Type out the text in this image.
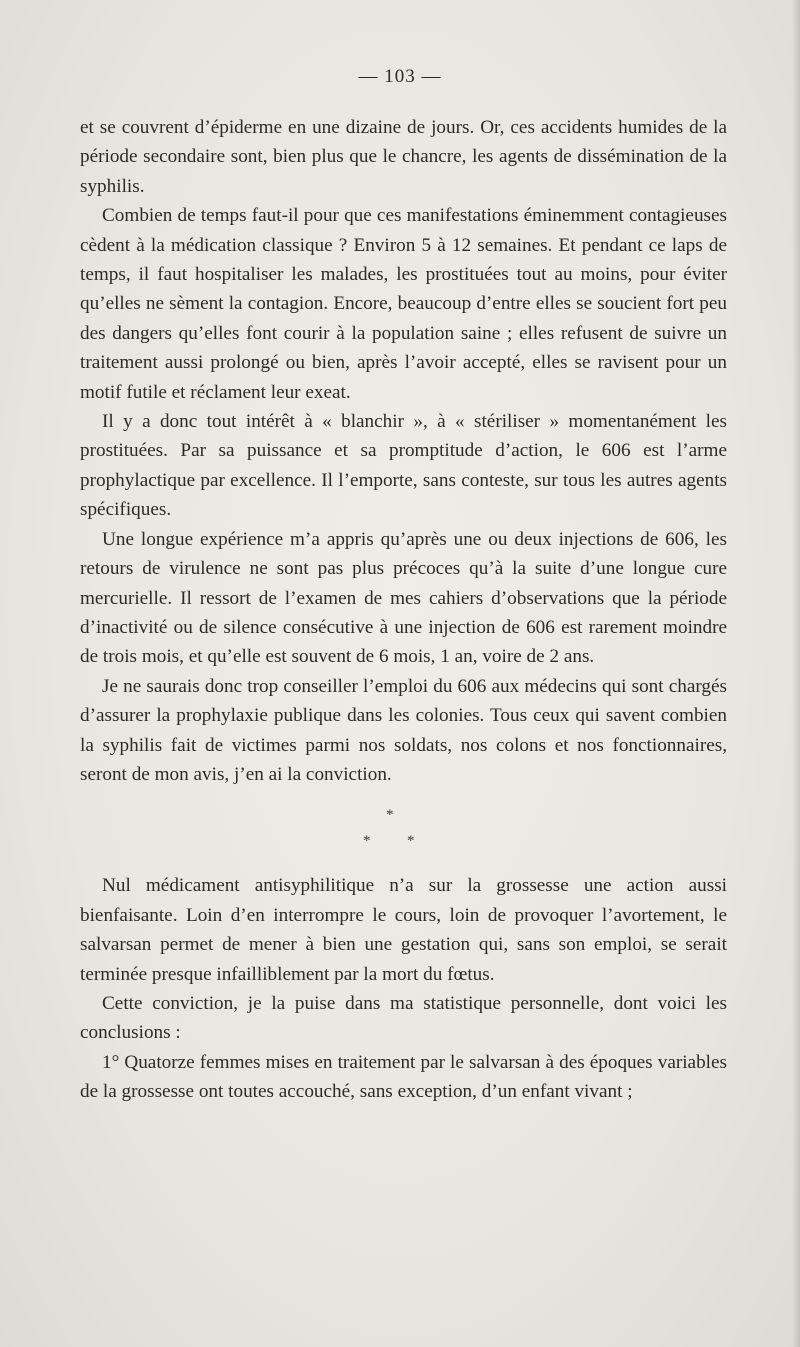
— 103 —

et se couvrent d’épiderme en une dizaine de jours. Or, ces accidents humides de la période secondaire sont, bien plus que le chancre, les agents de dissémination de la syphilis.

Combien de temps faut-il pour que ces manifestations éminemment contagieuses cèdent à la médication classique ? Environ 5 à 12 semaines. Et pendant ce laps de temps, il faut hospitaliser les malades, les prostituées tout au moins, pour éviter qu’elles ne sèment la contagion. Encore, beaucoup d’entre elles se soucient fort peu des dangers qu’elles font courir à la population saine ; elles refusent de suivre un traitement aussi prolongé ou bien, après l’avoir accepté, elles se ravisent pour un motif futile et réclament leur exeat.

Il y a donc tout intérêt à « blanchir », à « stériliser » momentanément les prostituées. Par sa puissance et sa promptitude d’action, le 606 est l’arme prophylactique par excellence. Il l’emporte, sans conteste, sur tous les autres agents spécifiques.

Une longue expérience m’a appris qu’après une ou deux injections de 606, les retours de virulence ne sont pas plus précoces qu’à la suite d’une longue cure mercurielle. Il ressort de l’examen de mes cahiers d’observations que la période d’inactivité ou de silence consécutive à une injection de 606 est rarement moindre de trois mois, et qu’elle est souvent de 6 mois, 1 an, voire de 2 ans.

Je ne saurais donc trop conseiller l’emploi du 606 aux médecins qui sont chargés d’assurer la prophylaxie publique dans les colonies. Tous ceux qui savent combien la syphilis fait de victimes parmi nos soldats, nos colons et nos fonctionnaires, seront de mon avis, j’en ai la conviction.

*
* *

Nul médicament antisyphilitique n’a sur la grossesse une action aussi bienfaisante. Loin d’en interrompre le cours, loin de provoquer l’avortement, le salvarsan permet de mener à bien une gestation qui, sans son emploi, se serait terminée presque infailliblement par la mort du fœtus.

Cette conviction, je la puise dans ma statistique personnelle, dont voici les conclusions :

1° Quatorze femmes mises en traitement par le salvarsan à des époques variables de la grossesse ont toutes accouché, sans exception, d’un enfant vivant ;
